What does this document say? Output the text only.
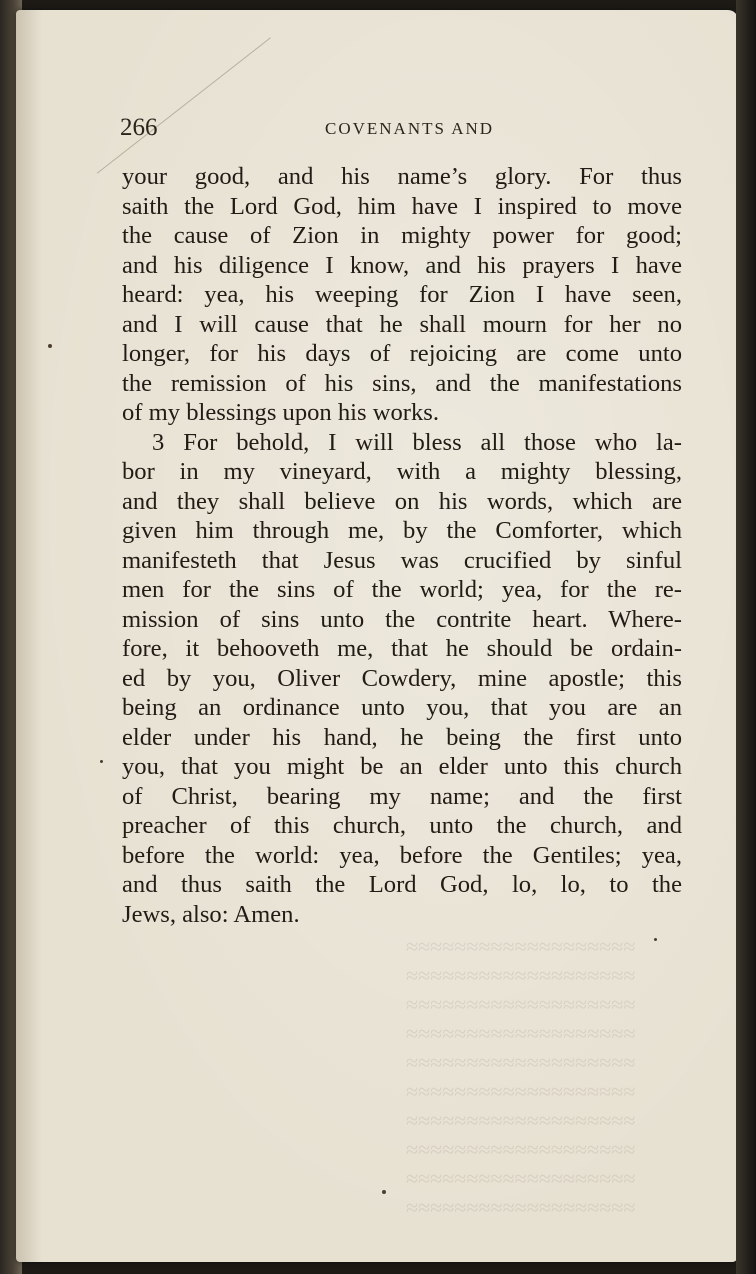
266	COVENANTS AND
≈≈≈≈≈≈≈≈≈≈≈≈≈≈≈≈≈≈≈
≈≈≈≈≈≈≈≈≈≈≈≈≈≈≈≈≈≈≈
≈≈≈≈≈≈≈≈≈≈≈≈≈≈≈≈≈≈≈
≈≈≈≈≈≈≈≈≈≈≈≈≈≈≈≈≈≈≈
≈≈≈≈≈≈≈≈≈≈≈≈≈≈≈≈≈≈≈
≈≈≈≈≈≈≈≈≈≈≈≈≈≈≈≈≈≈≈
≈≈≈≈≈≈≈≈≈≈≈≈≈≈≈≈≈≈≈
≈≈≈≈≈≈≈≈≈≈≈≈≈≈≈≈≈≈≈
≈≈≈≈≈≈≈≈≈≈≈≈≈≈≈≈≈≈≈
≈≈≈≈≈≈≈≈≈≈≈≈≈≈≈≈≈≈≈
your good, and his name’s glory. For thus
saith the Lord God, him have I inspired to move
the cause of Zion in mighty power for good;
and his diligence I know, and his prayers I have
heard: yea, his weeping for Zion I have seen,
and I will cause that he shall mourn for her no
longer, for his days of rejoicing are come unto
the remission of his sins, and the manifestations
of my blessings upon his works.
3 For behold, I will bless all those who la-
bor in my vineyard, with a mighty blessing,
and they shall believe on his words, which are
given him through me, by the Comforter, which
manifesteth that Jesus was crucified by sinful
men for the sins of the world; yea, for the re-
mission of sins unto the contrite heart. Where-
fore, it behooveth me, that he should be ordain-
ed by you, Oliver Cowdery, mine apostle; this
being an ordinance unto you, that you are an
elder under his hand, he being the first unto
you, that you might be an elder unto this church
of Christ, bearing my name; and the first
preacher of this church, unto the church, and
before the world: yea, before the Gentiles; yea,
and thus saith the Lord God, lo, lo, to the
Jews, also: Amen.
